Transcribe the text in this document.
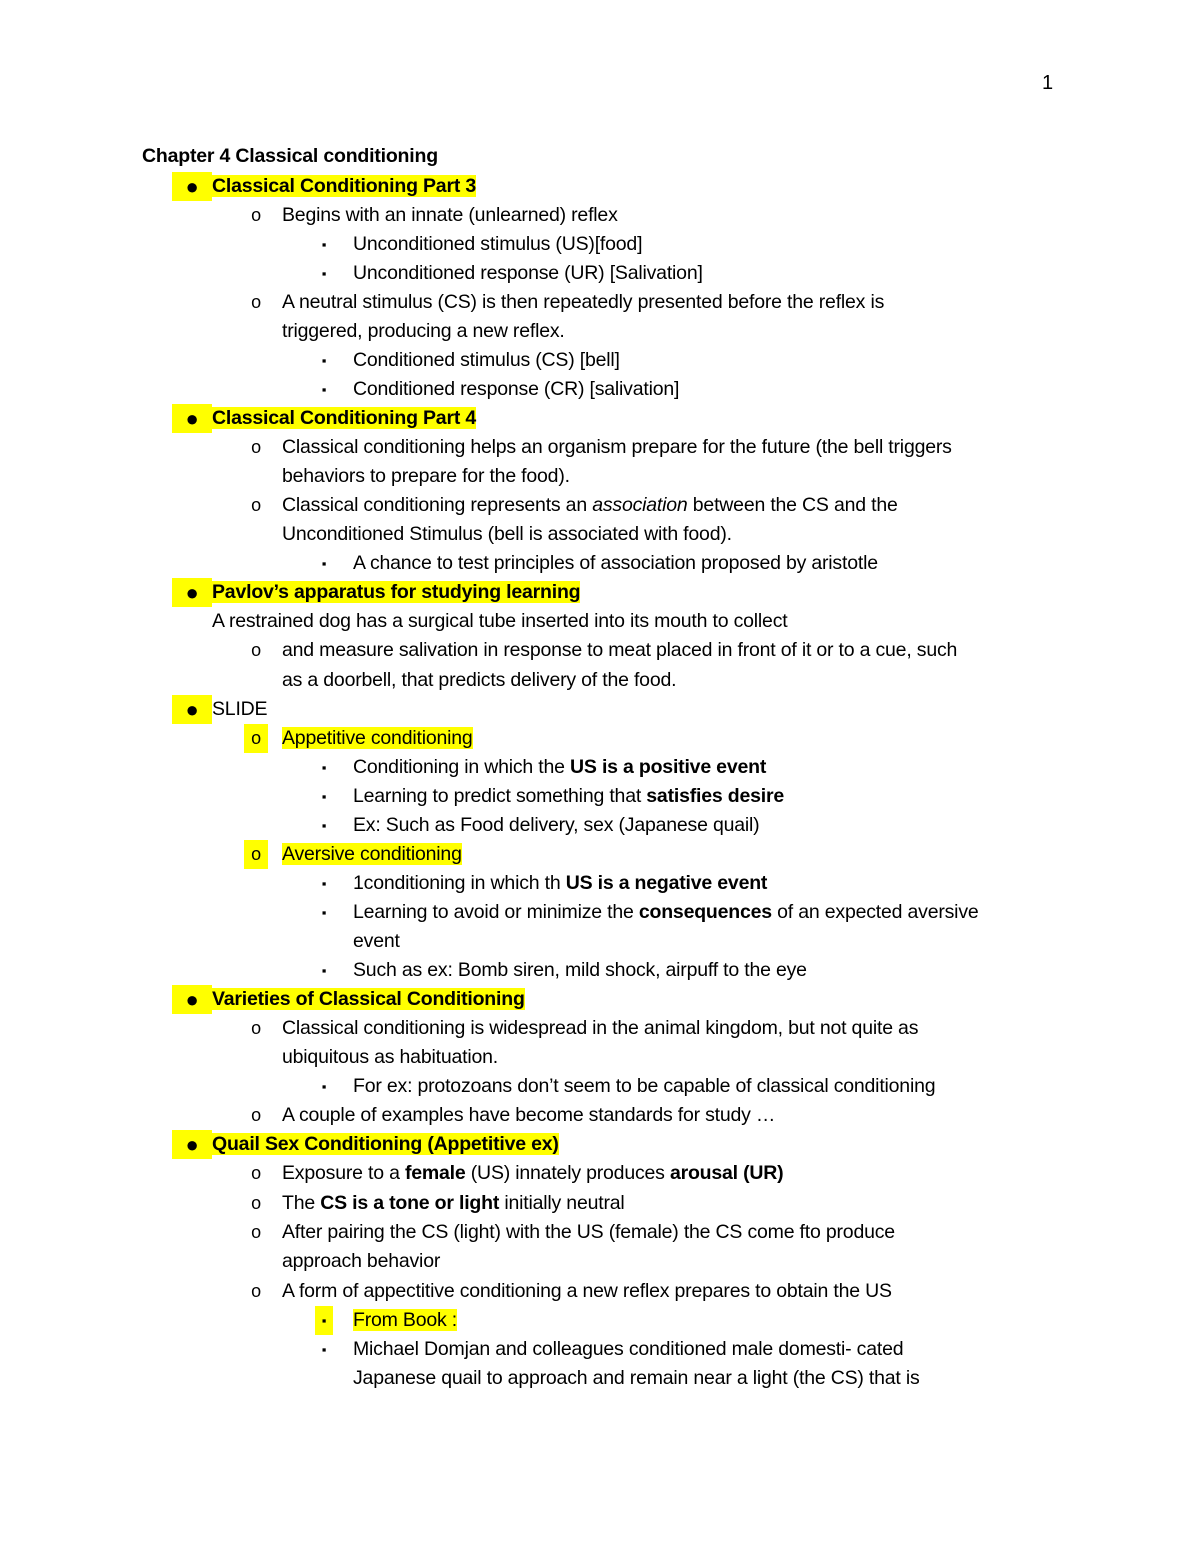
1
Chapter 4 Classical conditioning
● Classical Conditioning Part 3
o	Begins with an innate (unlearned) reflex
▪	Unconditioned stimulus (US)[food]
▪	Unconditioned response (UR) [Salivation]
o	A neutral stimulus (CS) is then repeatedly presented before the reflex is
triggered, producing a new reflex.
▪	Conditioned stimulus (CS) [bell]
▪	Conditioned response (CR) [salivation]
● Classical Conditioning Part 4
o	Classical conditioning helps an organism prepare for the future (the bell triggers
behaviors to prepare for the food).
o	Classical conditioning represents an association between the CS and the
Unconditioned Stimulus (bell is associated with food).
▪	A chance to test principles of association proposed by aristotle
● Pavlov’s apparatus for studying learning
A restrained dog has a surgical tube inserted into its mouth to collect
o	and measure salivation in response to meat placed in front of it or to a cue, such
as a doorbell, that predicts delivery of the food.
● SLIDE
o	Appetitive conditioning
▪	Conditioning in which the US is a positive event
▪	Learning to predict something that satisfies desire
▪	Ex: Such as Food delivery, sex (Japanese quail)
o	Aversive conditioning
▪	1conditioning in which th US is a negative event
▪	Learning to avoid or minimize the consequences of an expected aversive
event
▪	Such as ex: Bomb siren, mild shock, airpuff to the eye
● Varieties of Classical Conditioning
o	Classical conditioning is widespread in the animal kingdom, but not quite as
ubiquitous as habituation.
▪	For ex: protozoans don’t seem to be capable of classical conditioning
o	A couple of examples have become standards for study …
● Quail Sex Conditioning (Appetitive ex)
o	Exposure to a female (US) innately produces arousal (UR)
o	The CS is a tone or light initially neutral
o	After pairing the CS (light) with the US (female) the CS come fto produce
approach behavior
o	A form of appectitive conditioning a new reflex prepares to obtain the US
▪	From Book :
▪	Michael Domjan and colleagues conditioned male domesti- cated
Japanese quail to approach and remain near a light (the CS) that is
